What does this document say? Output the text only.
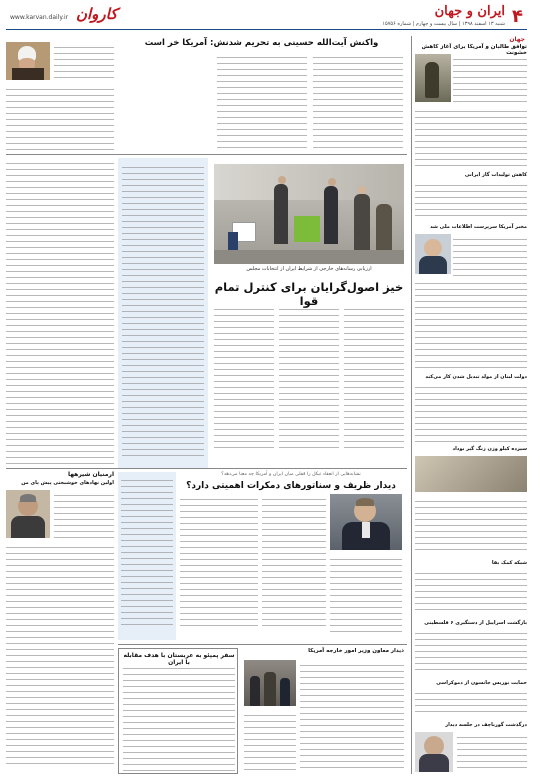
۴
ایران و جهان
شنبه ۱۳ اسفند ۱۳۹۸ | سال بیست و چهارم | شماره ۱۵۷۵۶
کاروان
www.karvan.daily.ir
جهان
توافق طالبان و آمریکا برای آغاز کاهش خشونت
کاهش تولیدات گاز ایرانی
مخبر آمریکا سرپرست اطلاعات ملی شد
دولت لبنان از مولد تبدیل شدن کار می‌کند
سیزده کیلو وزن زنگ گیر بوداد
شبکه کمک بقا
بازگشت اسراییل از دستگیری ۶ فلسطینی
حمایت بوریس جانسون از دموکراسی
درگذشت گورباچف در جلسه دیدار
واکنش آیت‌الله حسینی به تحریم شدنش: آمریکا خر است
ارزیابی رسانه‌های خارجی از شرایط ایران از انتخابات مجلس
خیز اصول‌گرایان برای کنترل تمام قوا
ارمنیان شیرهها
اولین نهادهای خوشبختی پیش پای من
نشانه‌هایی از انعقاد تیکل را قفلی میان ایران و آمریکا چه معنا می‌دهد؟
دیدار ظریف و سناتورهای دمکرات اهمیتی دارد؟
سفر پمپئو به عربستان با هدف مقابله با ایران
دیدار معاون وزیر امور خارجه آمریکا
